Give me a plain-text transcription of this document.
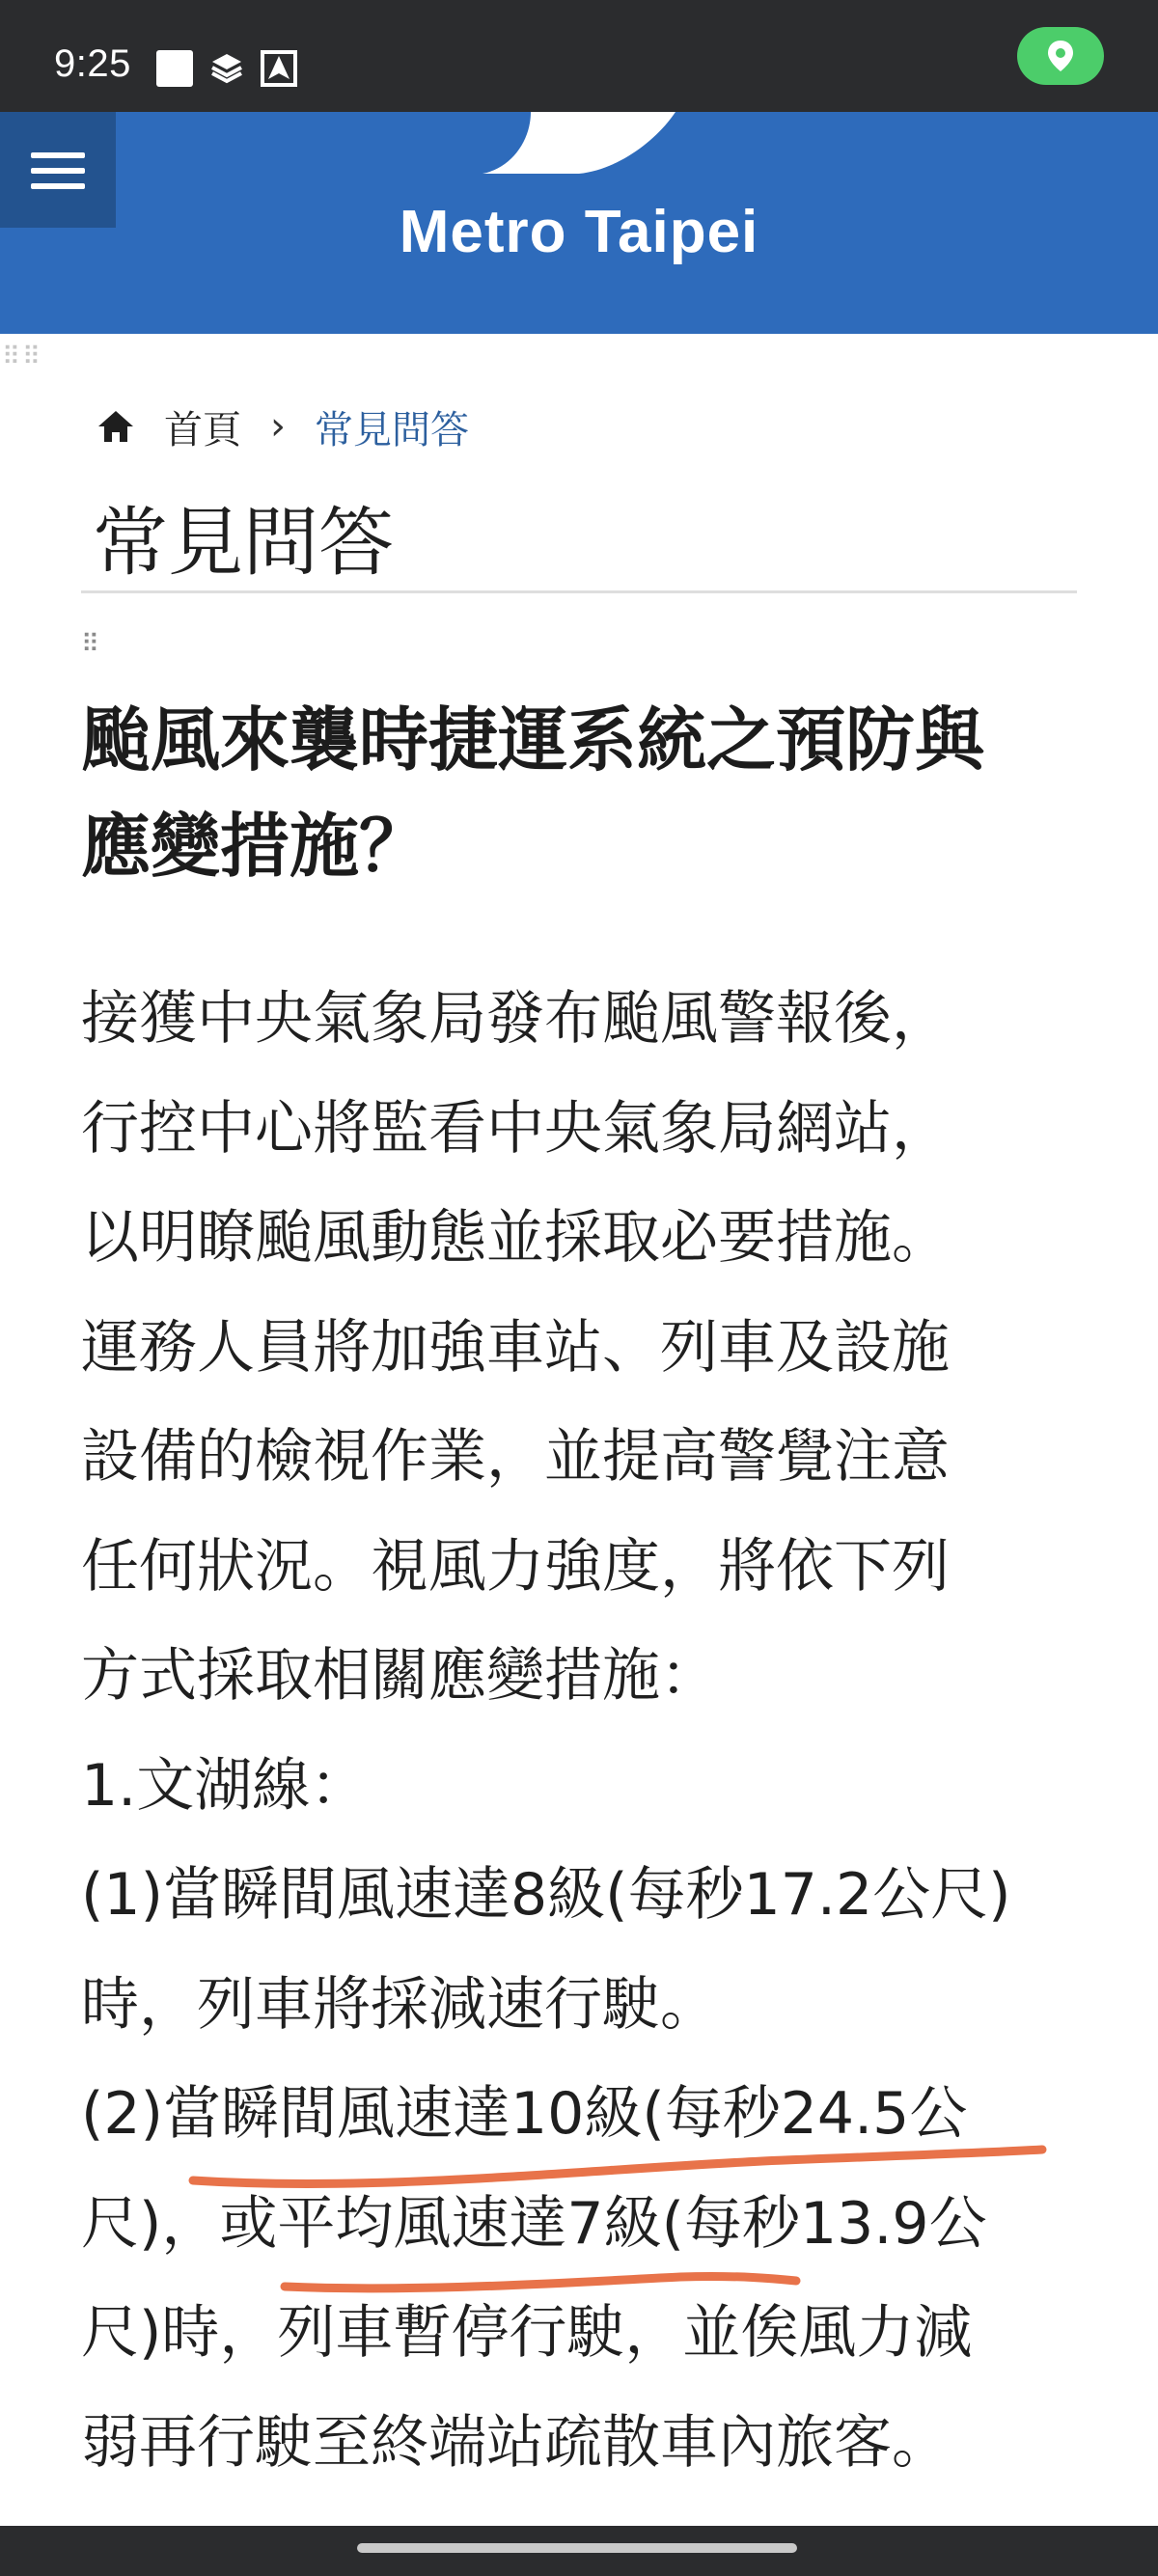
9:25
Metro Taipei
⠿⠿
首頁 › 常見問答
常見問答
⠿
颱風來襲時捷運系統之預防與
應變措施？

接獲中央氣象局發布颱風警報後，

行控中心將監看中央氣象局網站，

以明瞭颱風動態並採取必要措施。

運務人員將加強車站、列車及設施

設備的檢視作業，並提高警覺注意

任何狀況。視風力強度，將依下列

方式採取相關應變措施：

1.文湖線：

(1)當瞬間風速達8級(每秒17.2公尺)

時，列車將採減速行駛。

(2)當瞬間風速達10級(每秒24.5公

尺)，或平均風速達7級(每秒13.9公

尺)時，列車暫停行駛，並俟風力減

弱再行駛至終端站疏散車內旅客。
